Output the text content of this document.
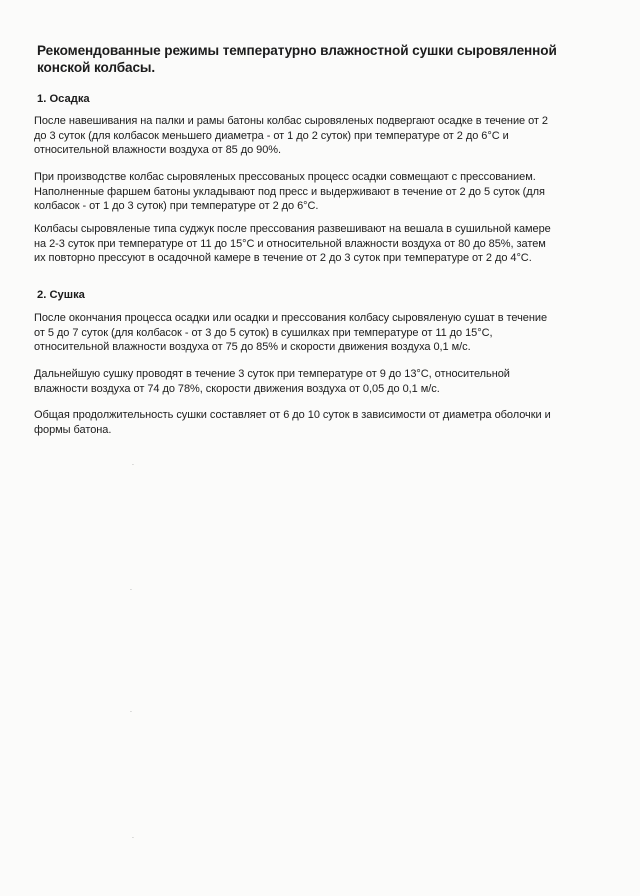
Рекомендованные режимы температурно влажностной сушки сыровяленной
конской колбасы.
1. Осадка
После навешивания на палки и рамы батоны колбас сыровяленых подвергают осадке в течение от 2
до 3 суток (для колбасок меньшего диаметра - от 1 до 2 суток) при температуре от 2 до 6°С и
относительной влажности воздуха от 85 до 90%.
При производстве колбас сыровяленых прессованых процесс осадки совмещают с прессованием.
Наполненные фаршем батоны укладывают под пресс и выдерживают в течение от 2 до 5 суток (для
колбасок - от 1 до 3 суток) при температуре от 2 до 6°С.
Колбасы сыровяленые типа суджук после прессования развешивают на вешала в сушильной камере
на 2-3 суток при температуре от 11 до 15°С и относительной влажности воздуха от 80 до 85%, затем
их повторно прессуют в осадочной камере в течение от 2 до 3 суток при температуре от 2 до 4°С.
2. Сушка
После окончания процесса осадки или осадки и прессования колбасу сыровяленую сушат в течение
от 5 до 7 суток (для колбасок - от 3 до 5 суток) в сушилках при температуре от 11 до 15°С,
относительной влажности воздуха от 75 до 85% и скорости движения воздуха 0,1 м/с.
Дальнейшую сушку проводят в течение 3 суток при температуре от 9 до 13°С, относительной
влажности воздуха от 74 до 78%, скорости движения воздуха от 0,05 до 0,1 м/с.
Общая продолжительность сушки составляет от 6 до 10 суток в зависимости от диаметра оболочки и
формы батона.
˙
˙
˙
˙
